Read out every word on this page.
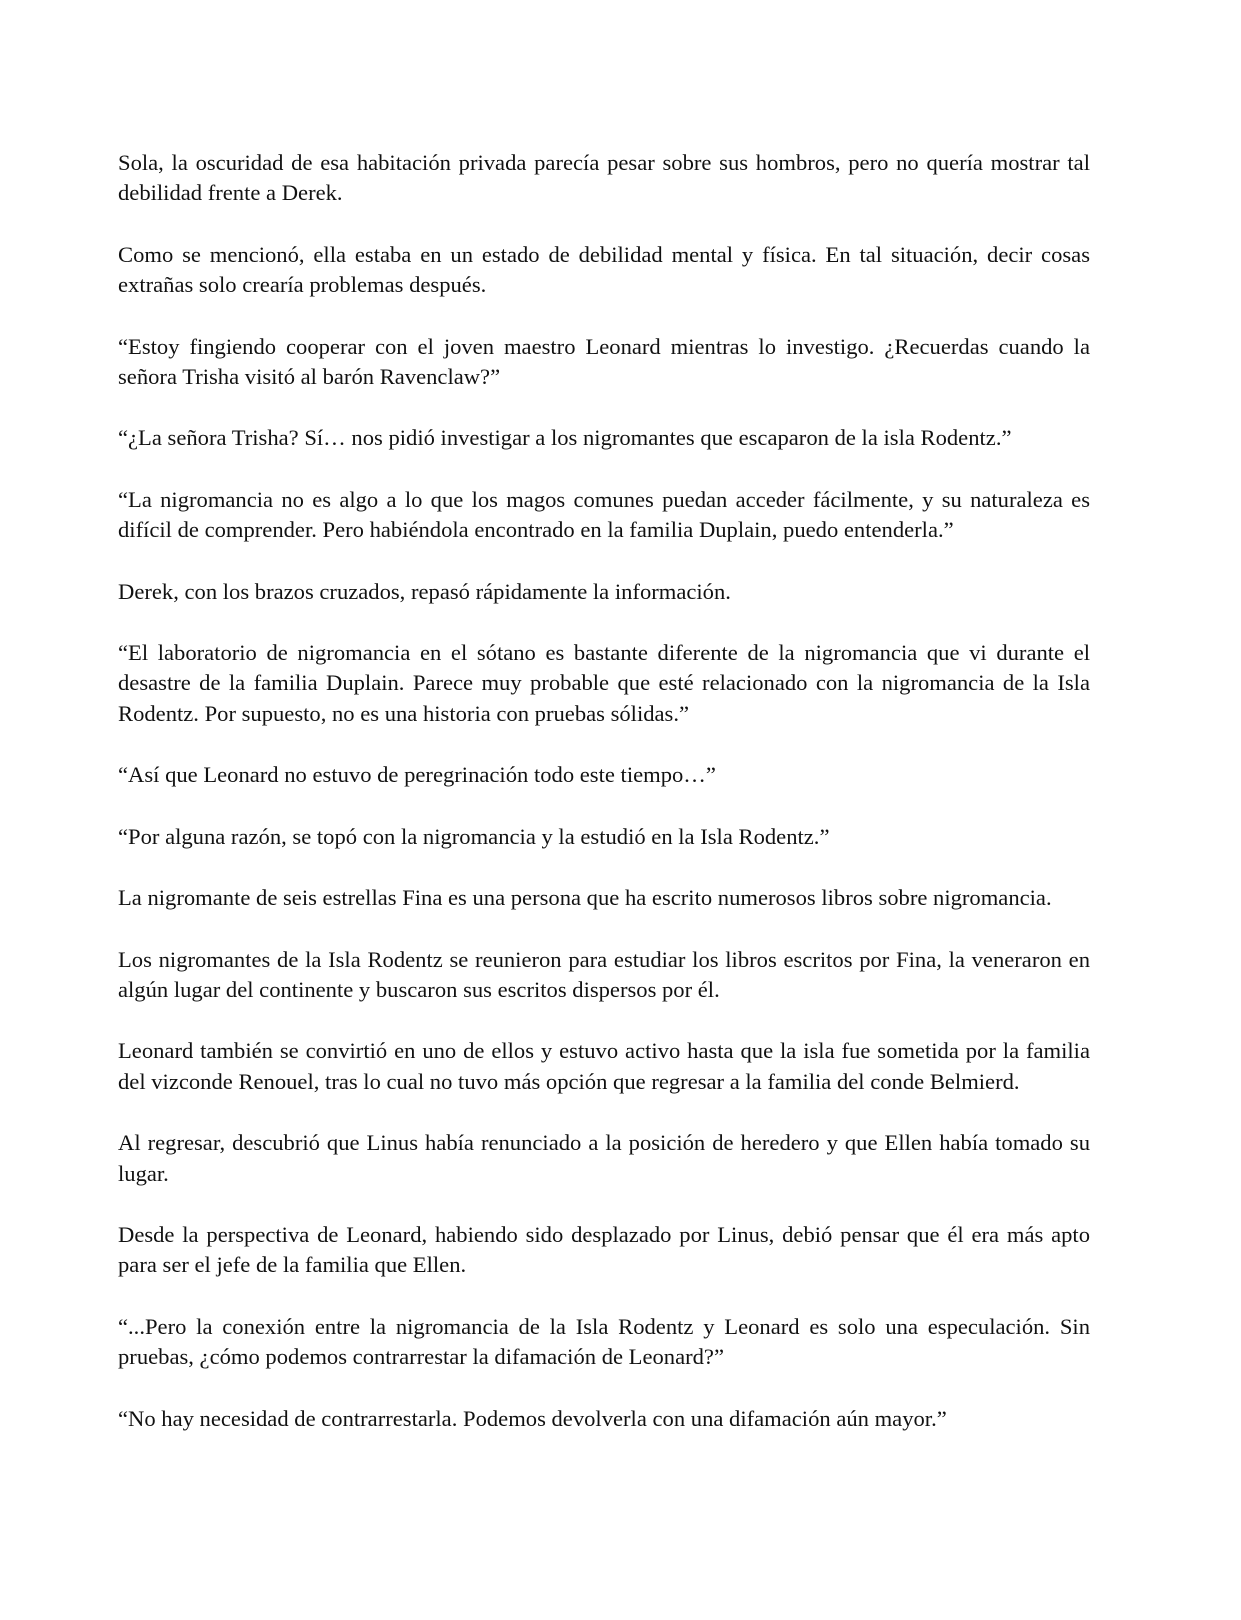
Sola, la oscuridad de esa habitación privada parecía pesar sobre sus hombros, pero no quería mostrar tal debilidad frente a Derek.

Como se mencionó, ella estaba en un estado de debilidad mental y física. En tal situación, decir cosas extrañas solo crearía problemas después.

“Estoy fingiendo cooperar con el joven maestro Leonard mientras lo investigo. ¿Recuerdas cuando la señora Trisha visitó al barón Ravenclaw?”

“¿La señora Trisha? Sí… nos pidió investigar a los nigromantes que escaparon de la isla Rodentz.”

“La nigromancia no es algo a lo que los magos comunes puedan acceder fácilmente, y su naturaleza es difícil de comprender. Pero habiéndola encontrado en la familia Duplain, puedo entenderla.”

Derek, con los brazos cruzados, repasó rápidamente la información.

“El laboratorio de nigromancia en el sótano es bastante diferente de la nigromancia que vi durante el desastre de la familia Duplain. Parece muy probable que esté relacionado con la nigromancia de la Isla Rodentz. Por supuesto, no es una historia con pruebas sólidas.”

“Así que Leonard no estuvo de peregrinación todo este tiempo…”

“Por alguna razón, se topó con la nigromancia y la estudió en la Isla Rodentz.”

La nigromante de seis estrellas Fina es una persona que ha escrito numerosos libros sobre nigromancia.

Los nigromantes de la Isla Rodentz se reunieron para estudiar los libros escritos por Fina, la veneraron en algún lugar del continente y buscaron sus escritos dispersos por él.

Leonard también se convirtió en uno de ellos y estuvo activo hasta que la isla fue sometida por la familia del vizconde Renouel, tras lo cual no tuvo más opción que regresar a la familia del conde Belmierd.

Al regresar, descubrió que Linus había renunciado a la posición de heredero y que Ellen había tomado su lugar.

Desde la perspectiva de Leonard, habiendo sido desplazado por Linus, debió pensar que él era más apto para ser el jefe de la familia que Ellen.

“...Pero la conexión entre la nigromancia de la Isla Rodentz y Leonard es solo una especulación. Sin pruebas, ¿cómo podemos contrarrestar la difamación de Leonard?”

“No hay necesidad de contrarrestarla. Podemos devolverla con una difamación aún mayor.”
